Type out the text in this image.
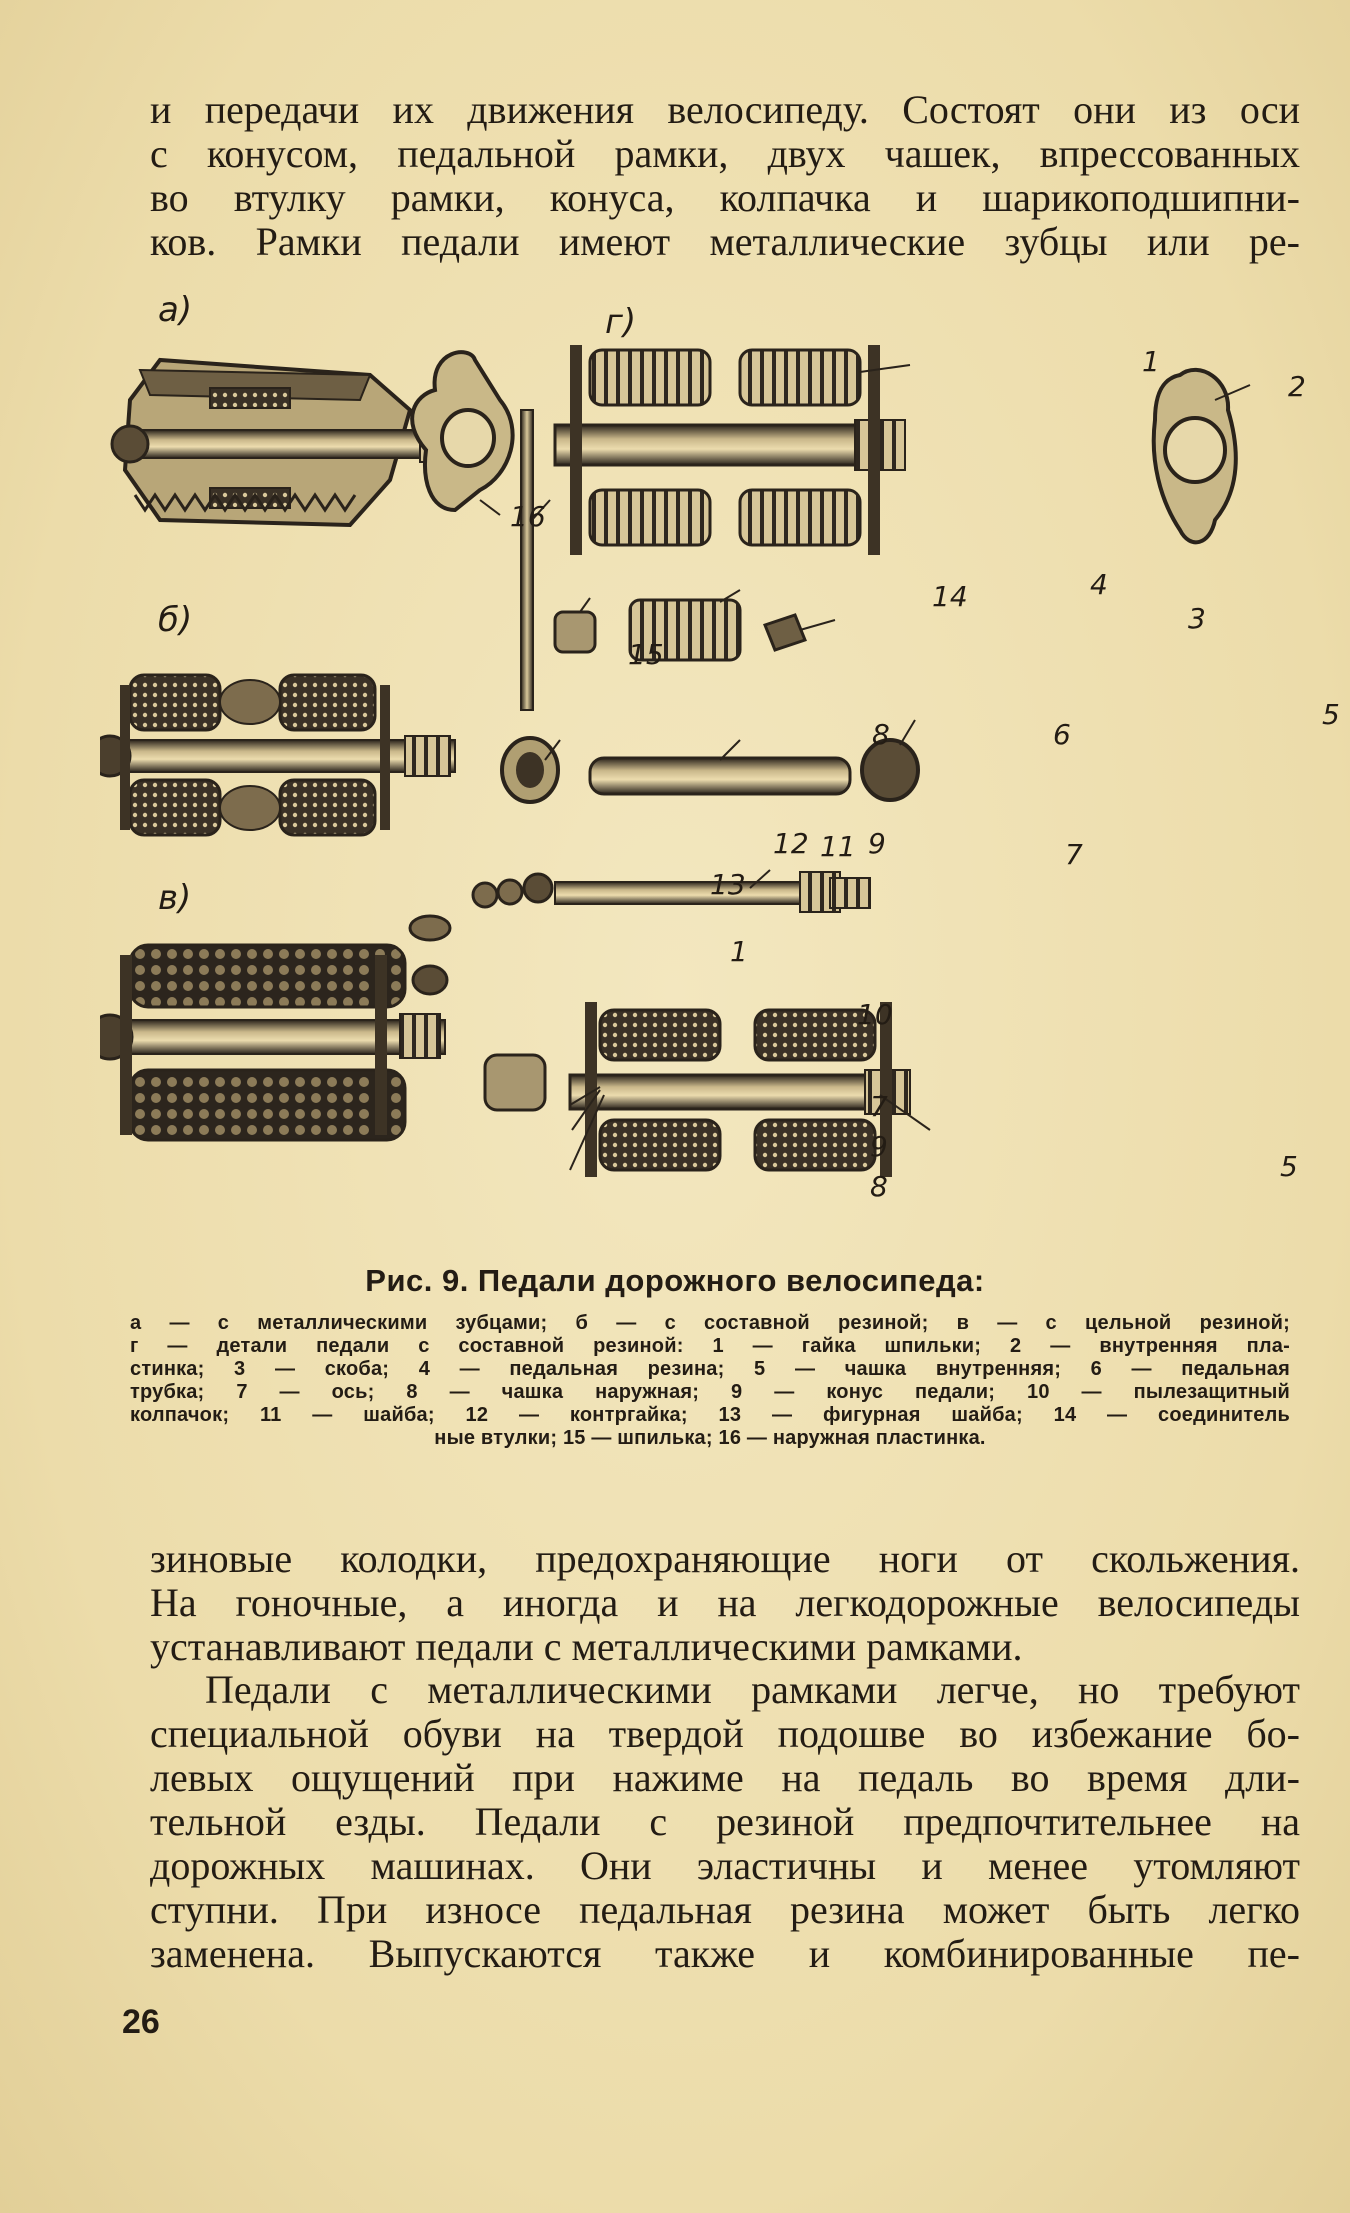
и передачи их движения велосипеду. Состоят они из оси
с конусом, педальной рамки, двух чашек, впрессованных
во втулку рамки, конуса, колпачка и шарикоподшипни-
ков. Рамки педали имеют металлические зубцы или ре-

а)
б)
в)
г)
16
1
2
4
3
14
15
5
8	6
12 11 9	7
13
1
10
7
9
8
5
Рис. 9. Педали дорожного велосипеда:
а — с металлическими зубцами; б — с составной резиной; в — с цельной резиной;
г — детали педали с составной резиной: 1 — гайка шпильки; 2 — внутренняя пла-
стинка; 3 — скоба; 4 — педальная резина; 5 — чашка внутренняя; 6 — педальная
трубка; 7 — ось; 8 — чашка наружная; 9 — конус педали; 10 — пылезащитный
колпачок; 11 — шайба; 12 — контргайка; 13 — фигурная шайба; 14 — соединитель
ные втулки; 15 — шпилька; 16 — наружная пластинка.

зиновые колодки, предохраняющие ноги от скольжения.
На гоночные, а иногда и на легкодорожные велосипеды
устанавливают педали с металлическими рамками.

Педали с металлическими рамками легче, но требуют
специальной обуви на твердой подошве во избежание бо-
левых ощущений при нажиме на педаль во время дли-
тельной езды. Педали с резиной предпочтительнее на
дорожных машинах. Они эластичны и менее утомляют
ступни. При износе педальная резина может быть легко
заменена. Выпускаются также и комбинированные пе-

26
